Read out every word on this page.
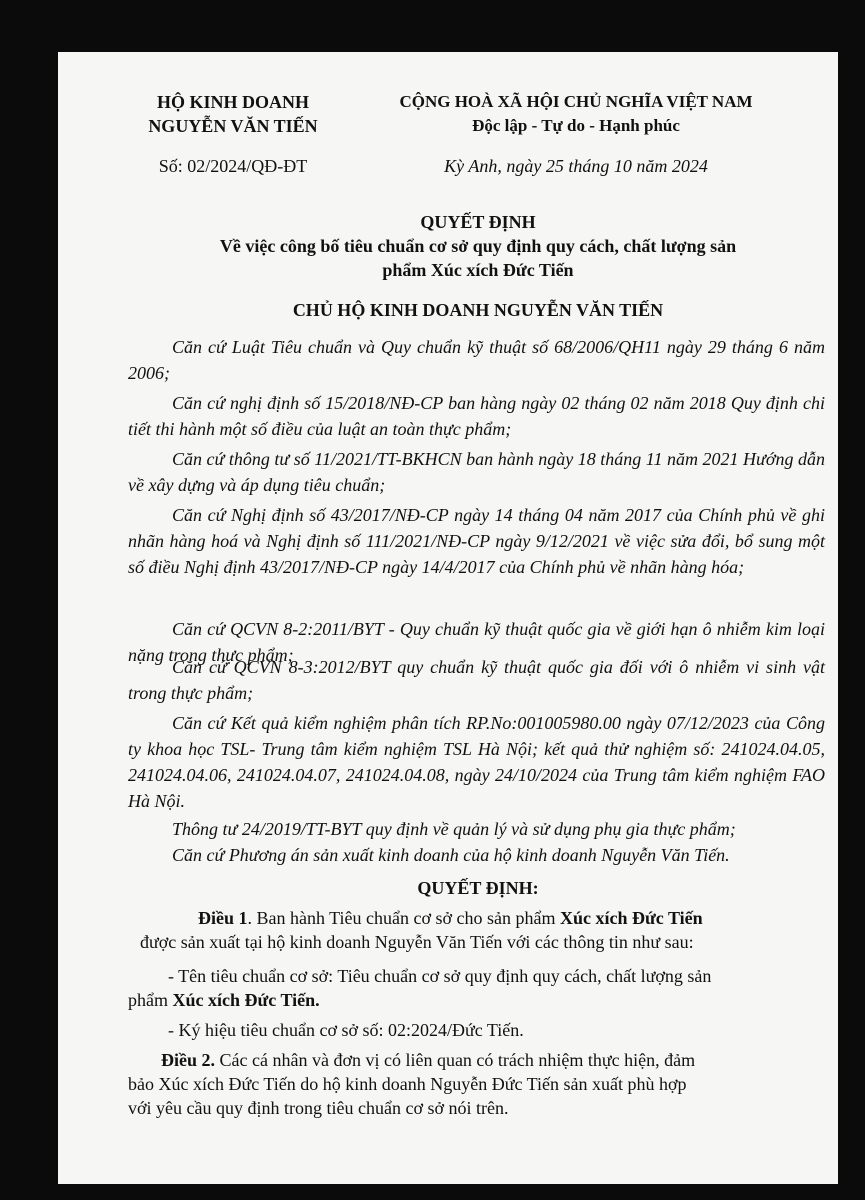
HỘ KINH DOANH
NGUYỄN VĂN TIẾN
Số: 02/2024/QĐ-ĐT
CỘNG HOÀ XÃ HỘI CHỦ NGHĨA VIỆT NAM
Độc lập - Tự do - Hạnh phúc
Kỳ Anh, ngày 25 tháng 10 năm 2024
QUYẾT ĐỊNH
Về việc công bố tiêu chuẩn cơ sở quy định quy cách, chất lượng sản
phẩm Xúc xích Đức Tiến
CHỦ HỘ KINH DOANH NGUYỄN VĂN TIẾN
Căn cứ Luật Tiêu chuẩn và Quy chuẩn kỹ thuật số 68/2006/QH11 ngày 29 tháng 6 năm 2006;
Căn cứ nghị định số 15/2018/NĐ-CP ban hàng ngày 02 tháng 02 năm 2018 Quy định chi tiết thi hành một số điều của luật an toàn thực phẩm;
Căn cứ thông tư số 11/2021/TT-BKHCN ban hành ngày 18 tháng 11 năm 2021 Hướng dẫn về xây dựng và áp dụng tiêu chuẩn;
Căn cứ Nghị định số 43/2017/NĐ-CP ngày 14 tháng 04 năm 2017 của Chính phủ về ghi nhãn hàng hoá và Nghị định số 111/2021/NĐ-CP ngày 9/12/2021 về việc sửa đổi, bổ sung một số điều Nghị định 43/2017/NĐ-CP ngày 14/4/2017 của Chính phủ về nhãn hàng hóa;
Căn cứ QCVN 8-2:2011/BYT - Quy chuẩn kỹ thuật quốc gia về giới hạn ô nhiễm kim loại nặng trong thực phẩm;
Căn cứ QCVN 8-3:2012/BYT quy chuẩn kỹ thuật quốc gia đối với ô nhiễm vi sinh vật trong thực phẩm;
Căn cứ Kết quả kiểm nghiệm phân tích RP.No:001005980.00 ngày 07/12/2023 của Công ty khoa học TSL- Trung tâm kiểm nghiệm TSL Hà Nội; kết quả thử nghiệm số: 241024.04.05, 241024.04.06, 241024.04.07, 241024.04.08, ngày 24/10/2024 của Trung tâm kiểm nghiệm FAO Hà Nội.
Thông tư 24/2019/TT-BYT quy định về quản lý và sử dụng phụ gia thực phẩm;
Căn cứ Phương án sản xuất kinh doanh của hộ kinh doanh Nguyễn Văn Tiến.
QUYẾT ĐỊNH:
Điều 1. Ban hành Tiêu chuẩn cơ sở cho sản phẩm Xúc xích Đức Tiến
được sản xuất tại hộ kinh doanh Nguyễn Văn Tiến với các thông tin như sau:
- Tên tiêu chuẩn cơ sở: Tiêu chuẩn cơ sở quy định quy cách, chất lượng sản
phẩm Xúc xích Đức Tiến.
- Ký hiệu tiêu chuẩn cơ sở số: 02:2024/Đức Tiến.
Điều 2. Các cá nhân và đơn vị có liên quan có trách nhiệm thực hiện, đảm
bảo Xúc xích Đức Tiến do hộ kinh doanh Nguyễn Đức Tiến sản xuất phù hợp
với yêu cầu quy định trong tiêu chuẩn cơ sở nói trên.
